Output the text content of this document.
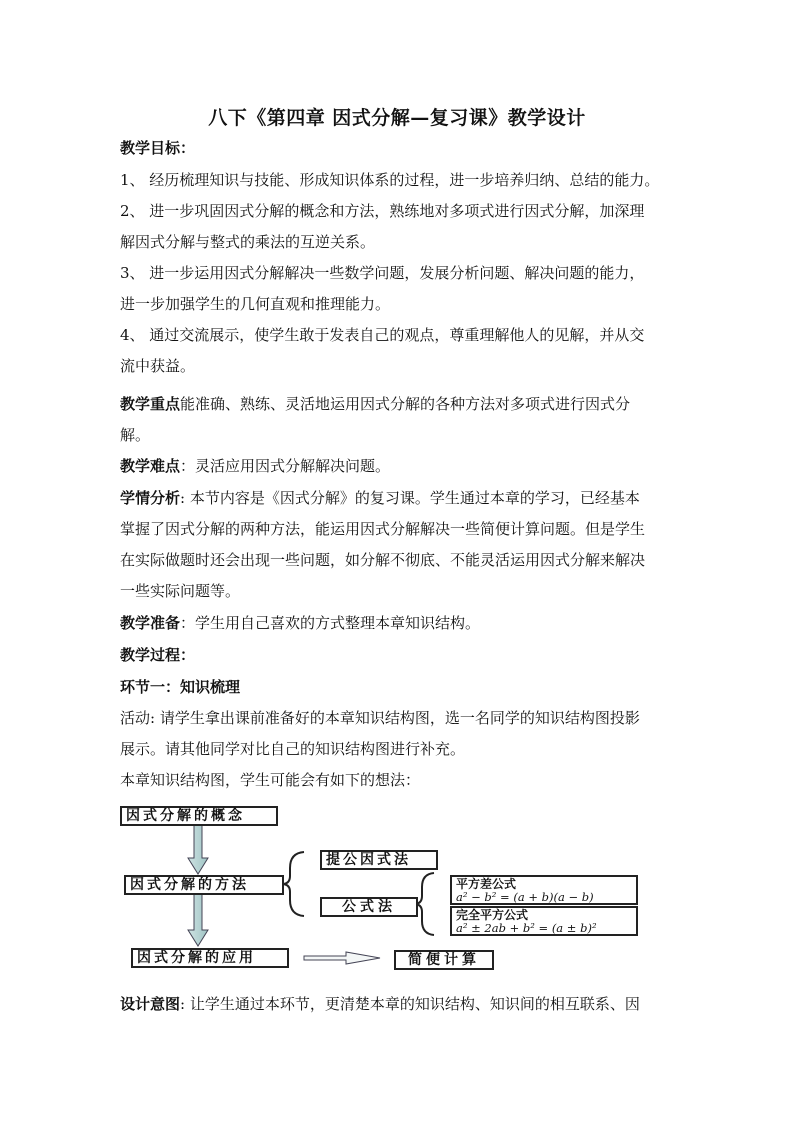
八下《第四章 因式分解—复习课》教学设计
教学目标：
1、 经历梳理知识与技能、形成知识体系的过程，进一步培养归纳、总结的能力。
2、 进一步巩固因式分解的概念和方法，熟练地对多项式进行因式分解，加深理
解因式分解与整式的乘法的互逆关系。
3、 进一步运用因式分解解决一些数学问题，发展分析问题、解决问题的能力，
进一步加强学生的几何直观和推理能力。
4、 通过交流展示，使学生敢于发表自己的观点，尊重理解他人的见解，并从交
流中获益。
教学重点能准确、熟练、灵活地运用因式分解的各种方法对多项式进行因式分
解。
教学难点：灵活应用因式分解解决问题。
学情分析: 本节内容是《因式分解》的复习课。学生通过本章的学习，已经基本
掌握了因式分解的两种方法，能运用因式分解解决一些简便计算问题。但是学生
在实际做题时还会出现一些问题，如分解不彻底、不能灵活运用因式分解来解决
一些实际问题等。
教学准备：学生用自己喜欢的方式整理本章知识结构。
教学过程：
环节一：知识梳理
活动: 请学生拿出课前准备好的本章知识结构图，选一名同学的知识结构图投影
展示。请其他同学对比自己的知识结构图进行补充。
本章知识结构图，学生可能会有如下的想法：
因式分解的概念
因式分解的方法
因式分解的应用
提公因式法
公式法
平方差公式
a² − b² = (a + b)(a − b)
完全平方公式
a² ± 2ab + b² = (a ± b)²
简便计算
设计意图: 让学生通过本环节，更清楚本章的知识结构、知识间的相互联系、因
